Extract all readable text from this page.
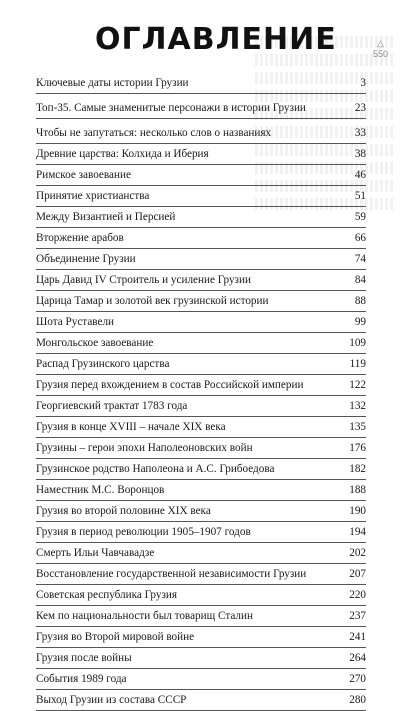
△
550
ОГЛАВЛЕНИЕ
Ключевые даты истории Грузии	3
Топ-35. Самые знаменитые персонажи в истории Грузии	23
Чтобы не запутаться: несколько слов о названиях	33
Древние царства: Колхида и Иберия	38
Римское завоевание	46
Принятие христианства	51
Между Византией и Персией	59
Вторжение арабов	66
Объединение Грузии	74
Царь Давид IV Строитель и усиление Грузии	84
Царица Тамар и золотой век грузинской истории	88
Шота Руставели	99
Монгольское завоевание	109
Распад Грузинского царства	119
Грузия перед вхождением в состав Российской империи	122
Георгиевский трактат 1783 года	132
Грузия в конце XVIII – начале XIX века	135
Грузины – герои эпохи Наполеоновских войн	176
Грузинское родство Наполеона и А.С. Грибоедова	182
Наместник М.С. Воронцов	188
Грузия во второй половине XIX века	190
Грузия в период революции 1905–1907 годов	194
Смерть Ильи Чавчавадзе	202
Восстановление государственной независимости Грузии	207
Советская республика Грузия	220
Кем по национальности был товарищ Сталин	237
Грузия во Второй мировой войне	241
Грузия после войны	264
События 1989 года	270
Выход Грузии из состава СССР	280
